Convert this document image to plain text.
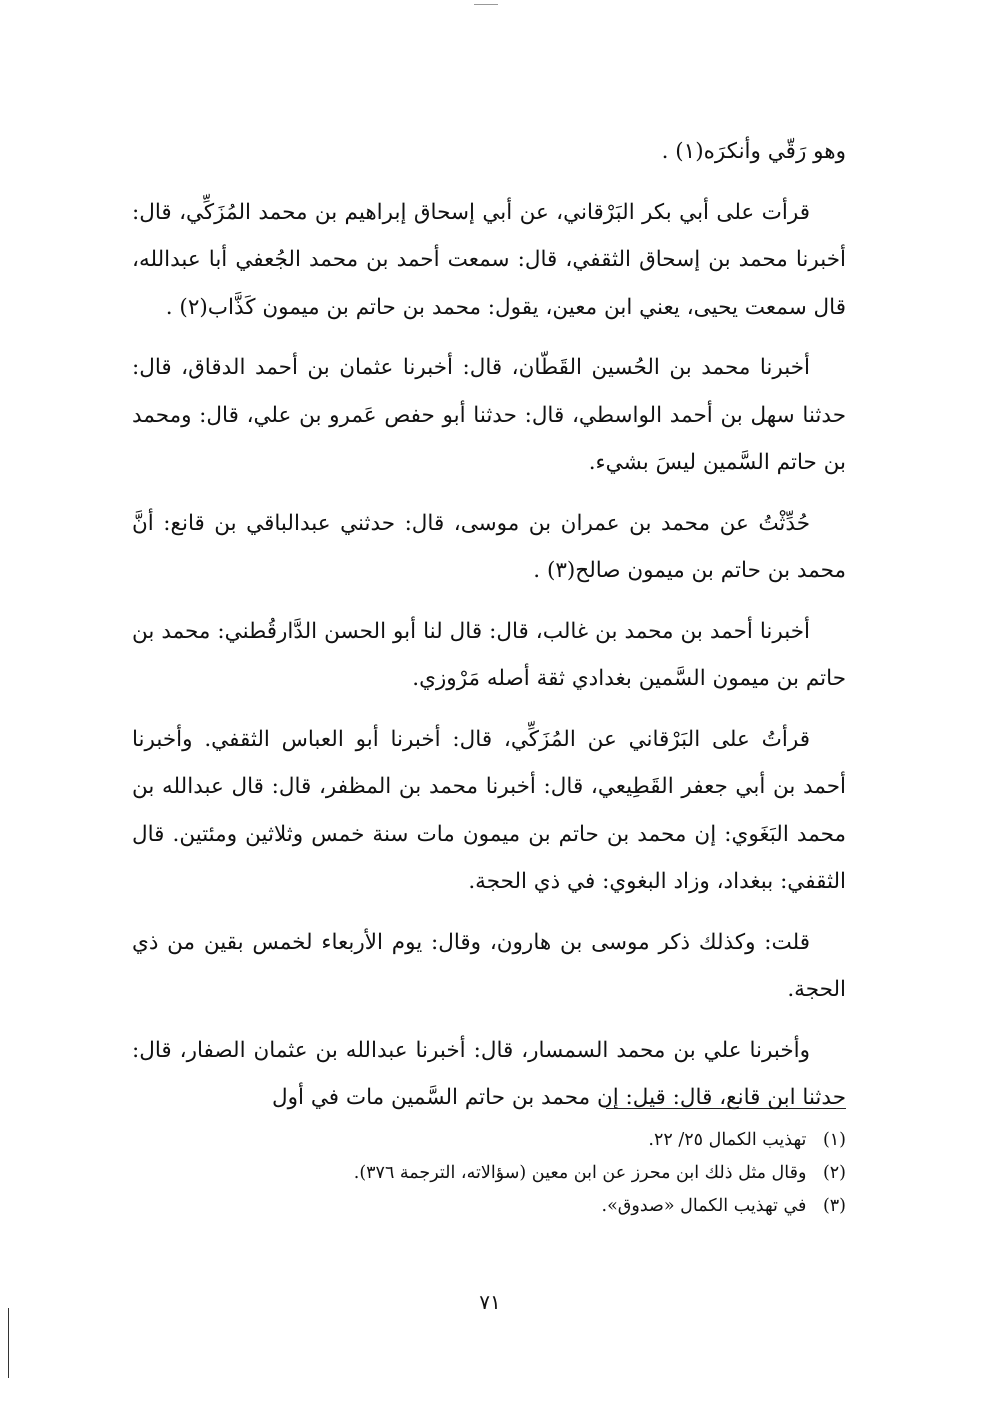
وهو رَقّي وأنكرَه(١) .

قرأت على أبي بكر البَرْقاني، عن أبي إسحاق إبراهيم بن محمد المُزَكِّي، قال: أخبرنا محمد بن إسحاق الثقفي، قال: سمعت أحمد بن محمد الجُعفي أبا عبدالله، قال سمعت يحيى، يعني ابن معين، يقول: محمد بن حاتم بن ميمون كَذَّاب(٢) .

أخبرنا محمد بن الحُسين القَطّان، قال: أخبرنا عثمان بن أحمد الدقاق، قال: حدثنا سهل بن أحمد الواسطي، قال: حدثنا أبو حفص عَمرو بن علي، قال: ومحمد بن حاتم السَّمين ليسَ بشيء.

حُدِّثْتُ عن محمد بن عمران بن موسى، قال: حدثني عبدالباقي بن قانع: أنَّ محمد بن حاتم بن ميمون صالح(٣) .

أخبرنا أحمد بن محمد بن غالب، قال: قال لنا أبو الحسن الدَّارقُطني: محمد بن حاتم بن ميمون السَّمين بغدادي ثقة أصله مَرْوزي.

قرأتُ على البَرْقاني عن المُزَكِّي، قال: أخبرنا أبو العباس الثقفي. وأخبرنا أحمد بن أبي جعفر القَطِيعي، قال: أخبرنا محمد بن المظفر، قال: قال عبدالله بن محمد البَغَوي: إن محمد بن حاتم بن ميمون مات سنة خمس وثلاثين ومئتين. قال الثقفي: ببغداد، وزاد البغوي: في ذي الحجة.

قلت: وكذلك ذكر موسى بن هارون، وقال: يوم الأربعاء لخمس بقين من ذي الحجة.

وأخبرنا علي بن محمد السمسار، قال: أخبرنا عبدالله بن عثمان الصفار، قال: حدثنا ابن قانع، قال: قيل: إن محمد بن حاتم السَّمين مات في أول

(١) تهذيب الكمال ٢٥/ ٢٢.

(٢) وقال مثل ذلك ابن محرز عن ابن معين (سؤالاته، الترجمة ٣٧٦).

(٣) في تهذيب الكمال «صدوق».

٧١
